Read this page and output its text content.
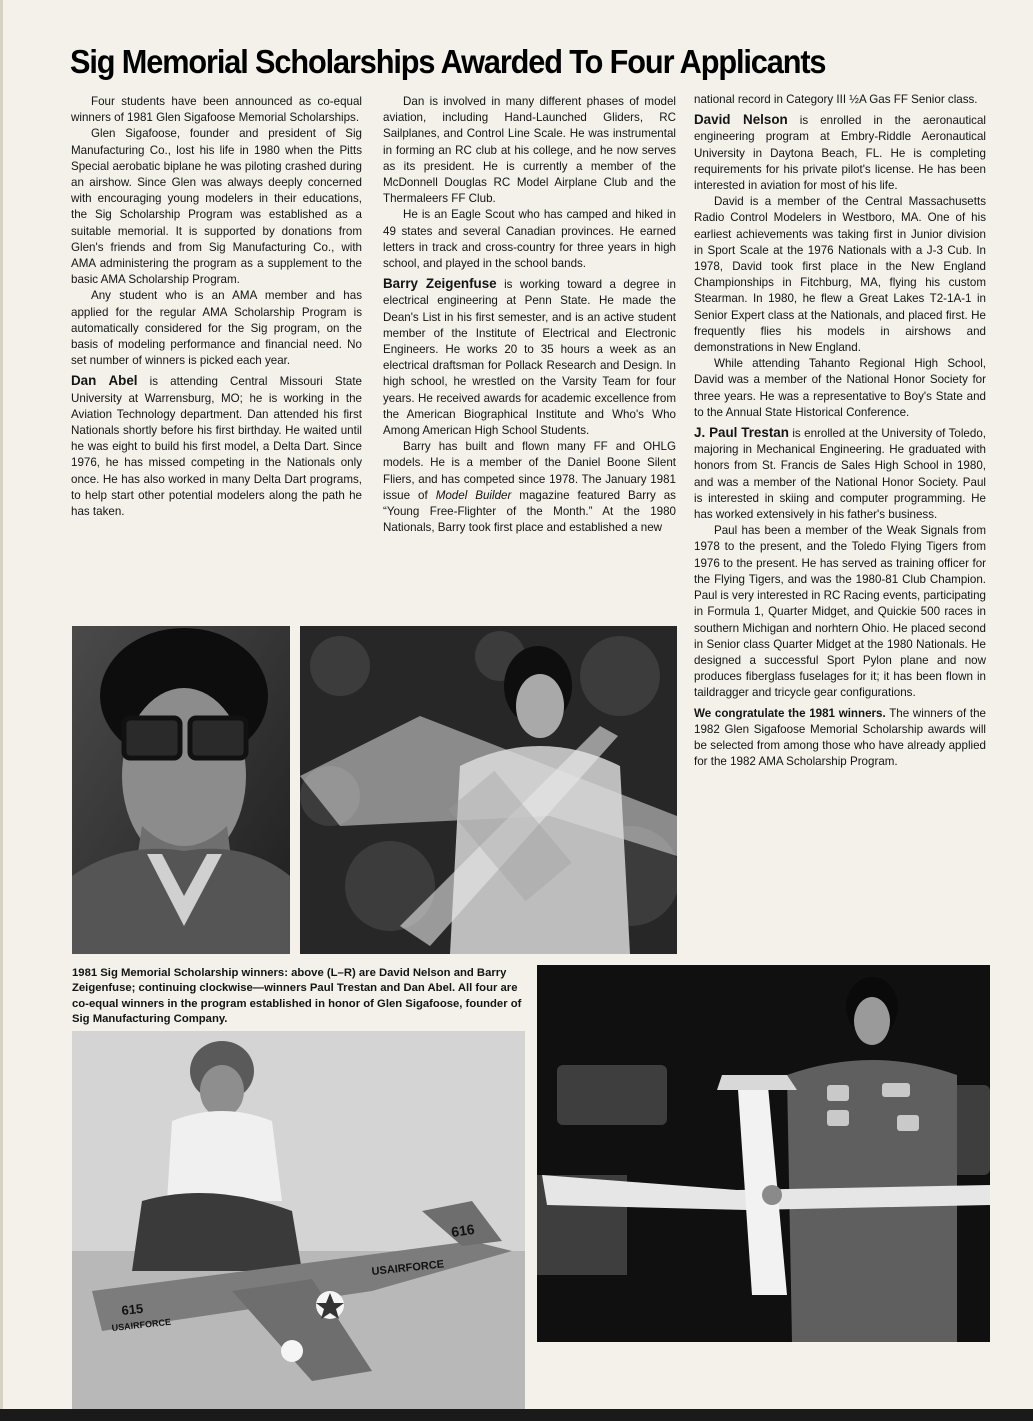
Sig Memorial Scholarships Awarded To Four Applicants

Four students have been announced as co-equal winners of 1981 Glen Sigafoose Memorial Scholarships.

Glen Sigafoose, founder and president of Sig Manufacturing Co., lost his life in 1980 when the Pitts Special aerobatic biplane he was piloting crashed during an airshow. Since Glen was always deeply concerned with encouraging young modelers in their educations, the Sig Scholarship Program was established as a suitable memorial. It is supported by donations from Glen's friends and from Sig Manufacturing Co., with AMA administering the program as a supplement to the basic AMA Scholarship Program.

Any student who is an AMA member and has applied for the regular AMA Scholarship Program is automatically considered for the Sig program, on the basis of modeling performance and financial need. No set number of winners is picked each year.

Dan Abel is attending Central Missouri State University at Warrensburg, MO; he is working in the Aviation Technology department. Dan attended his first Nationals shortly before his first birthday. He waited until he was eight to build his first model, a Delta Dart. Since 1976, he has missed competing in the Nationals only once. He has also worked in many Delta Dart programs, to help start other potential modelers along the path he has taken.

Dan is involved in many different phases of model aviation, including Hand-Launched Gliders, RC Sailplanes, and Control Line Scale. He was instrumental in forming an RC club at his college, and he now serves as its president. He is currently a member of the McDonnell Douglas RC Model Airplane Club and the Thermaleers FF Club.

He is an Eagle Scout who has camped and hiked in 49 states and several Canadian provinces. He earned letters in track and cross-country for three years in high school, and played in the school bands.

Barry Zeigenfuse is working toward a degree in electrical engineering at Penn State. He made the Dean's List in his first semester, and is an active student member of the Institute of Electrical and Electronic Engineers. He works 20 to 35 hours a week as an electrical draftsman for Pollack Research and Design. In high school, he wrestled on the Varsity Team for four years. He received awards for academic excellence from the American Biographical Institute and Who's Who Among American High School Students.

Barry has built and flown many FF and OHLG models. He is a member of the Daniel Boone Silent Fliers, and has competed since 1978. The January 1981 issue of Model Builder magazine featured Barry as “Young Free-Flighter of the Month.” At the 1980 Nationals, Barry took first place and established a new

national record in Category III ½A Gas FF Senior class.

David Nelson is enrolled in the aeronautical engineering program at Embry-Riddle Aeronautical University in Daytona Beach, FL. He is completing requirements for his private pilot's license. He has been interested in aviation for most of his life.

David is a member of the Central Massachusetts Radio Control Modelers in Westboro, MA. One of his earliest achievements was taking first in Junior division in Sport Scale at the 1976 Nationals with a J-3 Cub. In 1978, David took first place in the New England Championships in Fitchburg, MA, flying his custom Stearman. In 1980, he flew a Great Lakes T2-1A-1 in Senior Expert class at the Nationals, and placed first. He frequently flies his models in airshows and demonstrations in New England.

While attending Tahanto Regional High School, David was a member of the National Honor Society for three years. He was a representative to Boy's State and to the Annual State Historical Conference.

J. Paul Trestan is enrolled at the University of Toledo, majoring in Mechanical Engineering. He graduated with honors from St. Francis de Sales High School in 1980, and was a member of the National Honor Society. Paul is interested in skiing and computer programming. He has worked extensively in his father's business.

Paul has been a member of the Weak Signals from 1978 to the present, and the Toledo Flying Tigers from 1976 to the present. He has served as training officer for the Flying Tigers, and was the 1980-81 Club Champion. Paul is very interested in RC Racing events, participating in Formula 1, Quarter Midget, and Quickie 500 races in southern Michigan and norhtern Ohio. He placed second in Senior class Quarter Midget at the 1980 Nationals. He designed a successful Sport Pylon plane and now produces fiberglass fuselages for it; it has been flown in taildragger and tricycle gear configurations.

We congratulate the 1981 winners. The winners of the 1982 Glen Sigafoose Memorial Scholarship awards will be selected from among those who have already applied for the 1982 AMA Scholarship Program.

615
USAIRFORCE
USAIRFORCE
616

1981 Sig Memorial Scholarship winners: above (L–R) are David Nelson and Barry Zeigenfuse; continuing clockwise—winners Paul Trestan and Dan Abel. All four are co-equal winners in the program established in honor of Glen Sigafoose, founder of Sig Manufacturing Company.
